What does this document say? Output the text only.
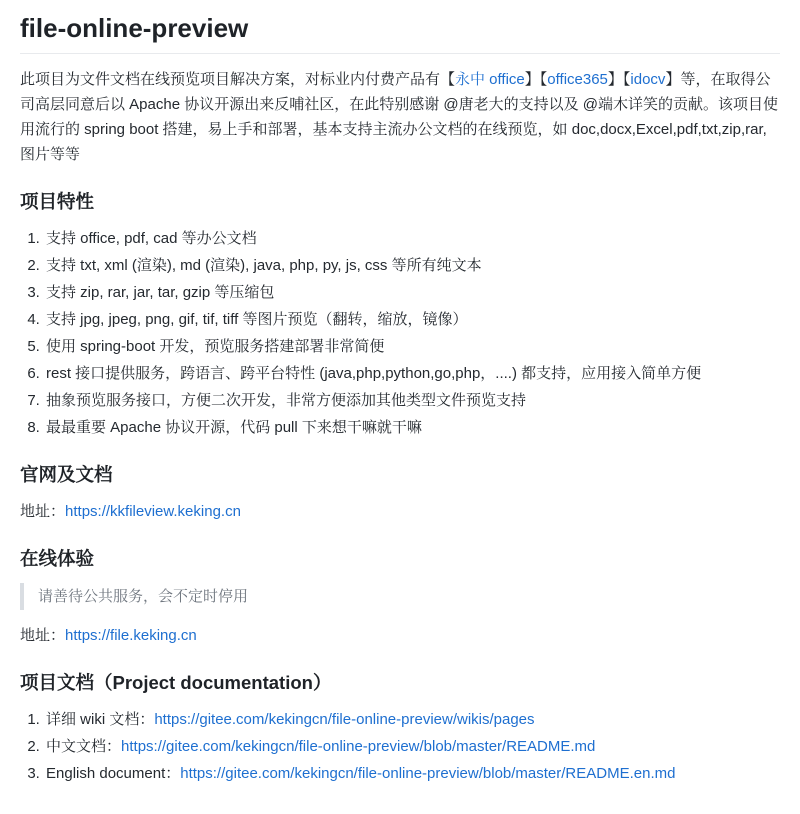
file-online-preview

此项目为文件文档在线预览项目解决方案，对标业内付费产品有【永中 office】【office365】【idocv】等，在取得公司高层同意后以 Apache 协议开源出来反哺社区，在此特别感谢 @唐老大的支持以及 @端木详笑的贡献。该项目使用流行的 spring boot 搭建，易上手和部署，基本支持主流办公文档的在线预览，如 doc,docx,Excel,pdf,txt,zip,rar, 图片等等

项目特性
1. 支持 office, pdf, cad 等办公文档
2. 支持 txt, xml (渲染), md (渲染), java, php, py, js, css 等所有纯文本
3. 支持 zip, rar, jar, tar, gzip 等压缩包
4. 支持 jpg, jpeg, png, gif, tif, tiff 等图片预览（翻转，缩放，镜像）
5. 使用 spring-boot 开发，预览服务搭建部署非常简便
6. rest 接口提供服务，跨语言、跨平台特性 (java,php,python,go,php，....) 都支持，应用接入简单方便
7. 抽象预览服务接口，方便二次开发，非常方便添加其他类型文件预览支持
8. 最最重要 Apache 协议开源，代码 pull 下来想干嘛就干嘛
官网及文档

地址：https://kkfileview.keking.cn

在线体验
请善待公共服务，会不定时停用

地址：https://file.keking.cn

项目文档（Project documentation）
1. 详细 wiki 文档：https://gitee.com/kekingcn/file-online-preview/wikis/pages
2. 中文文档：https://gitee.com/kekingcn/file-online-preview/blob/master/README.md
3. English document：https://gitee.com/kekingcn/file-online-preview/blob/master/README.en.md
